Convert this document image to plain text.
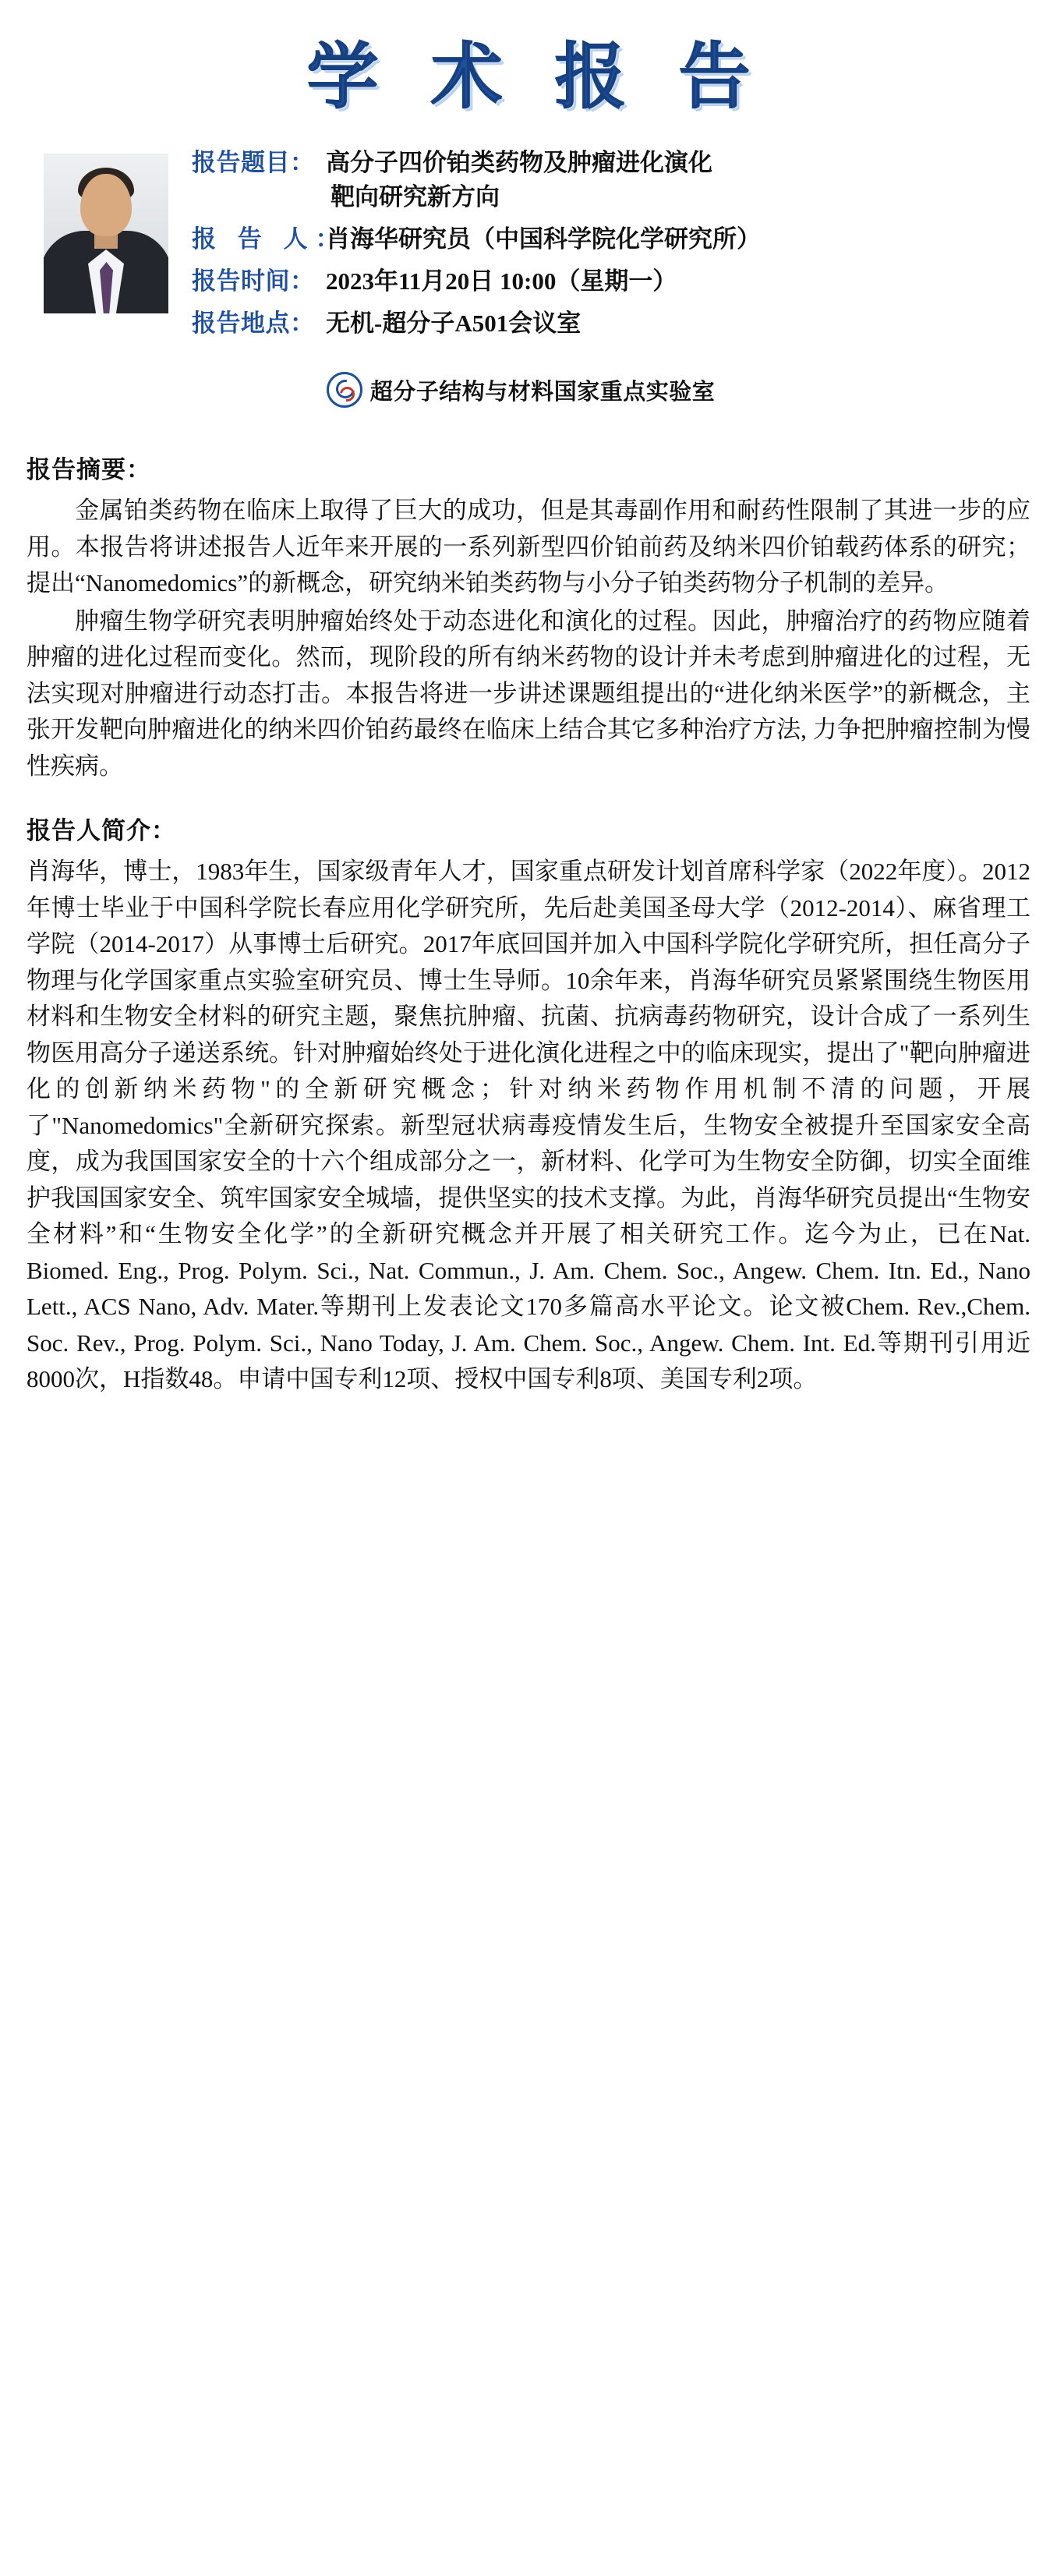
学 术 报 告
报告题目： 高分子四价铂类药物及肿瘤进化演化
靶向研究新方向
报 告 人：
肖海华研究员（中国科学院化学研究所）
报告时间： 2023年11月20日 10:00（星期一）
报告地点： 无机-超分子A501会议室
超分子结构与材料国家重点实验室
报告摘要：

金属铂类药物在临床上取得了巨大的成功，但是其毒副作用和耐药性限制了其进一步的应用。本报告将讲述报告人近年来开展的一系列新型四价铂前药及纳米四价铂载药体系的研究；提出“Nanomedomics”的新概念，研究纳米铂类药物与小分子铂类药物分子机制的差异。

肿瘤生物学研究表明肿瘤始终处于动态进化和演化的过程。因此，肿瘤治疗的药物应随着肿瘤的进化过程而变化。然而，现阶段的所有纳米药物的设计并未考虑到肿瘤进化的过程，无法实现对肿瘤进行动态打击。本报告将进一步讲述课题组提出的“进化纳米医学”的新概念，主张开发靶向肿瘤进化的纳米四价铂药最终在临床上结合其它多种治疗方法, 力争把肿瘤控制为慢性疾病。

报告人简介：

肖海华，博士，1983年生，国家级青年人才，国家重点研发计划首席科学家（2022年度）。2012年博士毕业于中国科学院长春应用化学研究所，先后赴美国圣母大学（2012-2014）、麻省理工学院（2014-2017）从事博士后研究。2017年底回国并加入中国科学院化学研究所，担任高分子物理与化学国家重点实验室研究员、博士生导师。10余年来，肖海华研究员紧紧围绕生物医用材料和生物安全材料的研究主题，聚焦抗肿瘤、抗菌、抗病毒药物研究，设计合成了一系列生物医用高分子递送系统。针对肿瘤始终处于进化演化进程之中的临床现实，提出了"靶向肿瘤进化的创新纳米药物"的全新研究概念；针对纳米药物作用机制不清的问题，开展了"Nanomedomics"全新研究探索。新型冠状病毒疫情发生后，生物安全被提升至国家安全高度，成为我国国家安全的十六个组成部分之一，新材料、化学可为生物安全防御，切实全面维护我国国家安全、筑牢国家安全城墙，提供坚实的技术支撑。为此，肖海华研究员提出“生物安全材料”和“生物安全化学”的全新研究概念并开展了相关研究工作。迄今为止，已在Nat. Biomed. Eng., Prog. Polym. Sci., Nat. Commun., J. Am. Chem. Soc., Angew. Chem. Itn. Ed., Nano Lett., ACS Nano, Adv. Mater.等期刊上发表论文170多篇高水平论文。论文被Chem. Rev.,Chem. Soc. Rev., Prog. Polym. Sci., Nano Today, J. Am. Chem. Soc., Angew. Chem. Int. Ed.等期刊引用近8000次，H指数48。申请中国专利12项、授权中国专利8项、美国专利2项。
